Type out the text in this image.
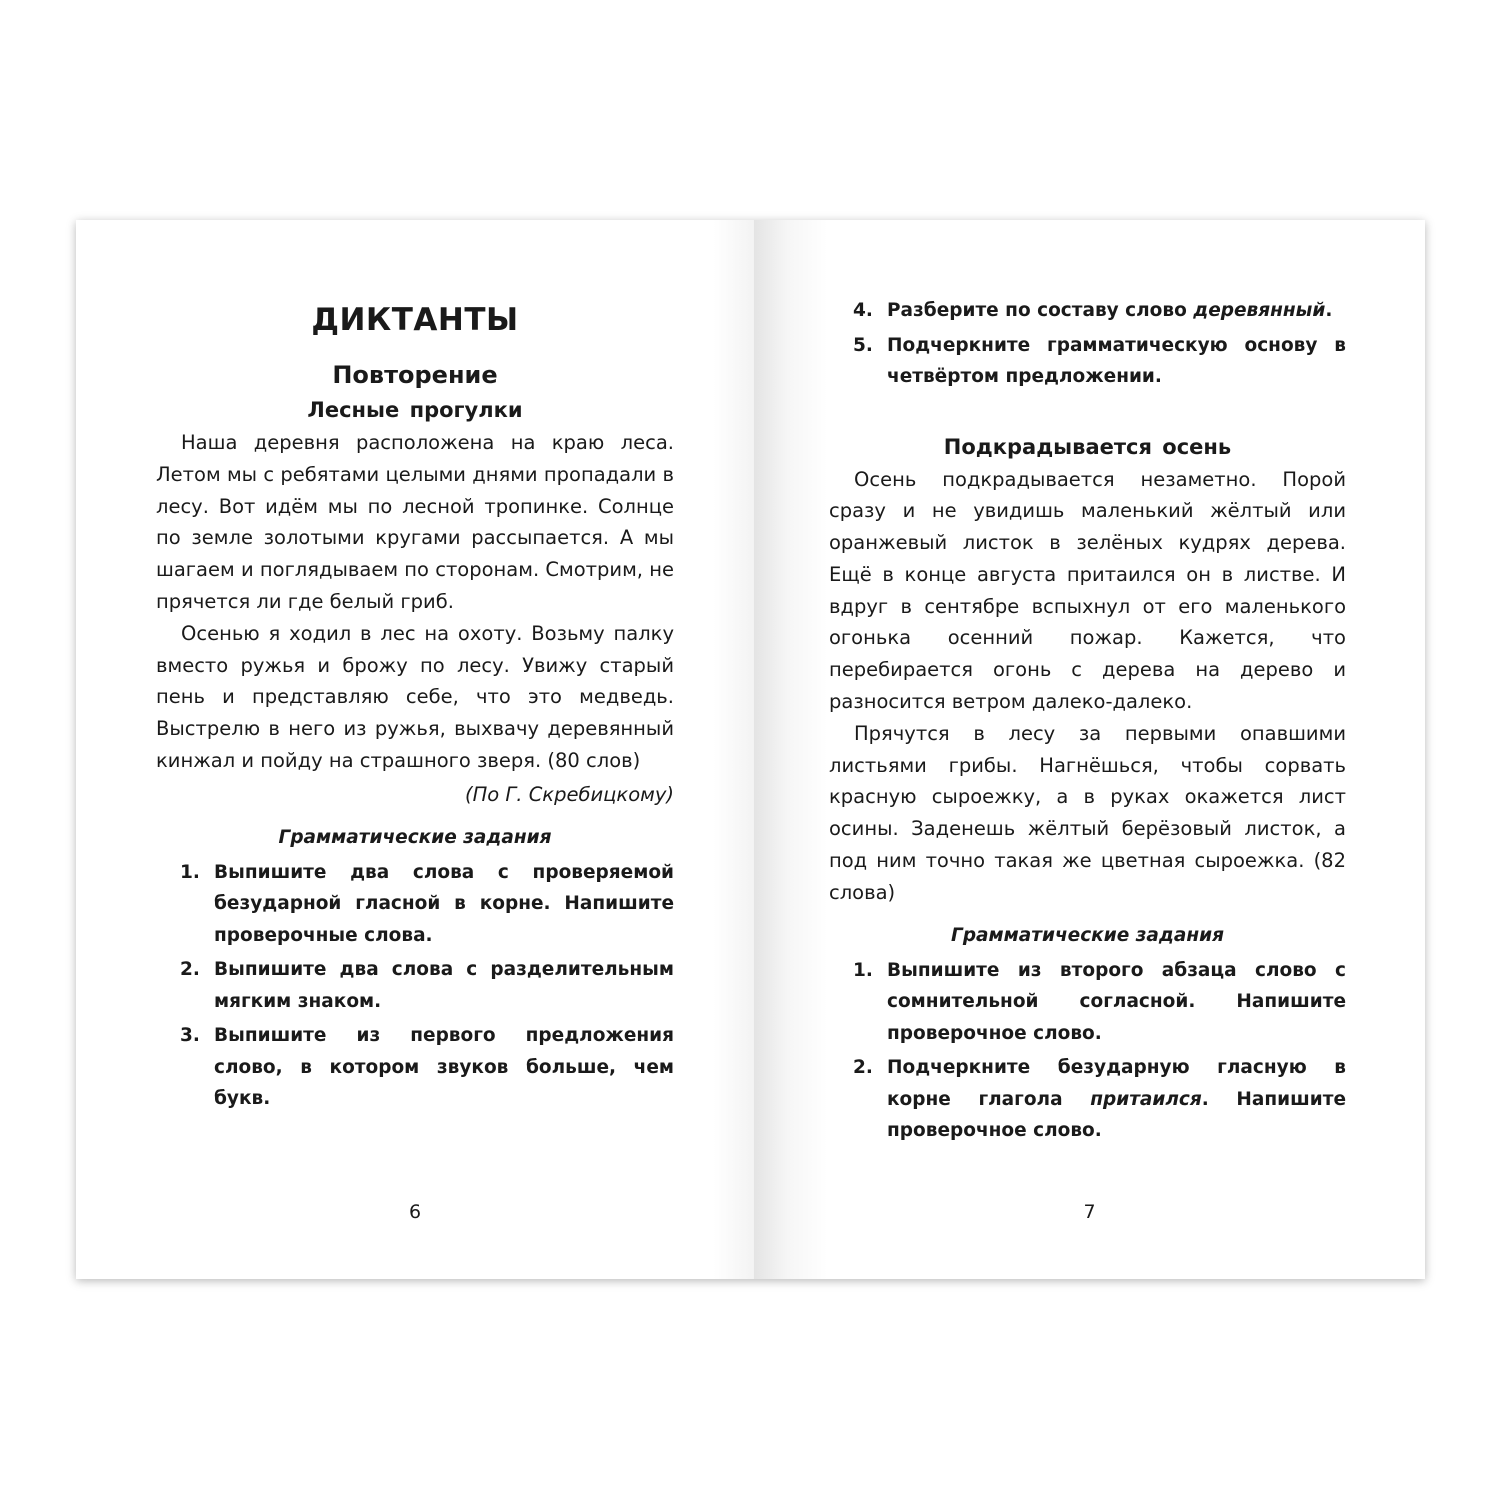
ДИКТАНТЫ
Повторение
Лесные прогулки

Наша деревня расположена на краю леса. Летом мы с ребятами целыми днями пропадали в лесу. Вот идём мы по лесной тропинке. Солнце по земле золотыми кругами рассыпается. А мы шагаем и поглядываем по сторонам. Смотрим, не прячется ли где белый гриб.

Осенью я ходил в лес на охоту. Возьму палку вместо ружья и брожу по лесу. Увижу старый пень и представляю себе, что это медведь. Выстрелю в него из ружья, выхвачу деревянный кинжал и пойду на страшного зверя. (80 слов)

(По Г. Скребицкому)
Грамматические задания
1. Выпишите два слова с проверяемой безударной гласной в корне. Напишите проверочные слова.
2. Выпишите два слова с разделительным мягким знаком.
3. Выпишите из первого предложения слово, в котором звуков больше, чем букв.
6
4. Разберите по составу слово деревянный.
5. Подчеркните грамматическую основу в четвёртом предложении.
Подкрадывается осень

Осень подкрадывается незаметно. Порой сразу и не увидишь маленький жёлтый или оранжевый листок в зелёных кудрях дерева. Ещё в конце августа притаился он в листве. И вдруг в сентябре вспыхнул от его маленького огонька осенний пожар. Кажется, что перебирается огонь с дерева на дерево и разносится ветром далеко-далеко.

Прячутся в лесу за первыми опавшими листьями грибы. Нагнёшься, чтобы сорвать красную сыроежку, а в руках окажется лист осины. Заденешь жёлтый берёзовый листок, а под ним точно такая же цветная сыроежка. (82 слова)

Грамматические задания
1. Выпишите из второго абзаца слово с сомнительной согласной. Напишите проверочное слово.
2. Подчеркните безударную гласную в корне глагола притаился. Напишите проверочное слово.
7
